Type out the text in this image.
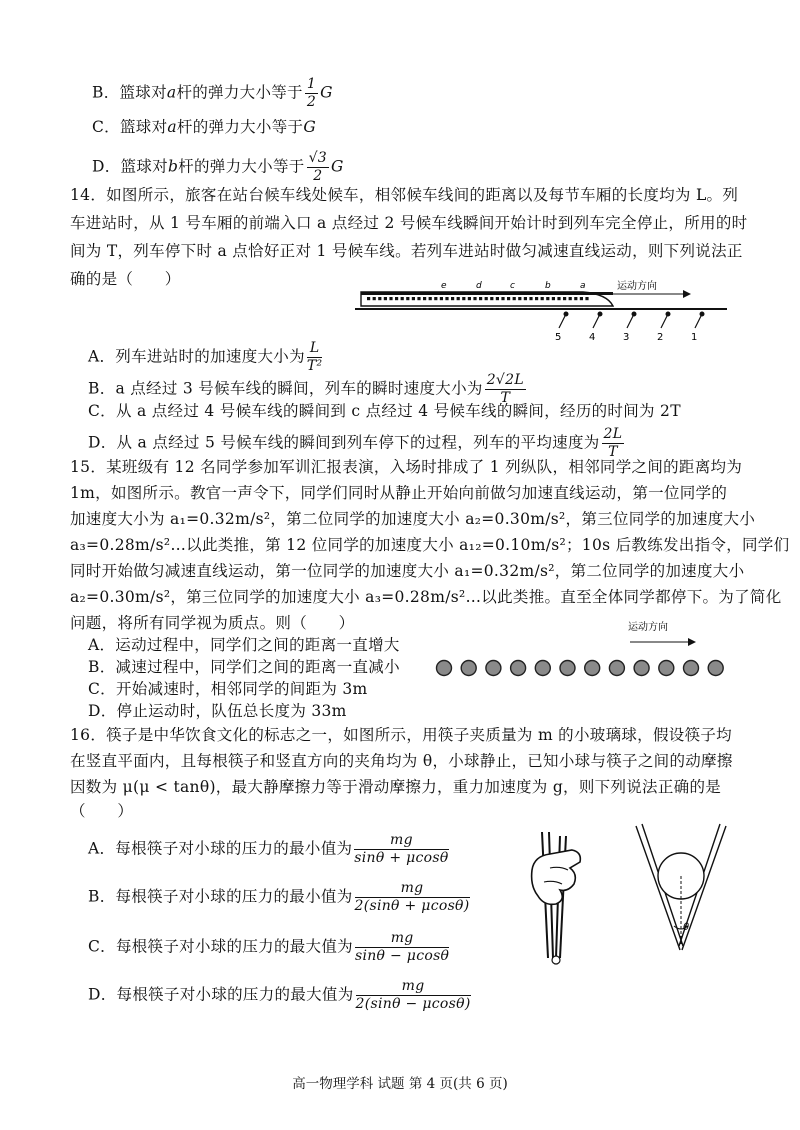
B．篮球对a杆的弹力大小等于 $\frac{1}{2}$ G
C．篮球对a杆的弹力大小等于G
D．篮球对b杆的弹力大小等于 $\frac{√3}{2}$ G
14．如图所示，旅客在站台候车线处候车，相邻候车线间的距离以及每节车厢的长度均为 L。列
车进站时，从 1 号车厢的前端入口 a 点经过 2 号候车线瞬间开始计时到列车完全停止，所用的时
间为 T，列车停下时 a 点恰好正对 1 号候车线。若列车进站时做匀减速直线运动，则下列说法正
确的是（　　）	运动方向
e	d	c	b	a
5	4	3	2	1
A．列车进站时的加速度大小为 $\frac{L}{\text{T²}}$
B．a 点经过 3 号候车线的瞬间，列车的瞬时速度大小为 $\frac{2√2L}{T}$
C．从 a 点经过 4 号候车线的瞬间到 c 点经过 4 号候车线的瞬间，经历的时间为 2T
D．从 a 点经过 5 号候车线的瞬间到列车停下的过程，列车的平均速度为 $\frac{2L}{T}$
15．某班级有 12 名同学参加军训汇报表演，入场时排成了 1 列纵队，相邻同学之间的距离均为
1m，如图所示。教官一声令下，同学们同时从静止开始向前做匀加速直线运动，第一位同学的
加速度大小为 a₁=0.32m/s²，第二位同学的加速度大小 a₂=0.30m/s²，第三位同学的加速度大小
a₃=0.28m/s²…以此类推，第 12 位同学的加速度大小 a₁₂=0.10m/s²；10s 后教练发出指令，同学们
同时开始做匀减速直线运动，第一位同学的加速度大小 a₁=0.32m/s²，第二位同学的加速度大小
a₂=0.30m/s²，第三位同学的加速度大小 a₃=0.28m/s²…以此类推。直至全体同学都停下。为了简化
问题，将所有同学视为质点。则（　　）
A．运动过程中，同学们之间的距离一直增大
B．减速过程中，同学们之间的距离一直减小
C．开始减速时，相邻同学的间距为 3m
D．停止运动时，队伍总长度为 33m
运动方向
16．筷子是中华饮食文化的标志之一，如图所示，用筷子夹质量为 m 的小玻璃球，假设筷子均
在竖直平面内，且每根筷子和竖直方向的夹角均为 θ，小球静止，已知小球与筷子之间的动摩擦
因数为 μ(μ < tanθ)，最大静摩擦力等于滑动摩擦力，重力加速度为 g，则下列说法正确的是
（　　）
A．每根筷子对小球的压力的最小值为 $\frac{mg}{\sin\theta + \mu\cos\theta}$
B．每根筷子对小球的压力的最小值为 $\frac{mg}{2(\sin\theta + \mu\cos\theta)}$
C．每根筷子对小球的压力的最大值为 $\frac{mg}{\sin\theta - \mu\cos\theta}$
D．每根筷子对小球的压力的最大值为 $\frac{mg}{2(\sin\theta - \mu\cos\theta)}$
θ
高一物理学科 试题 第 4 页(共 6 页)
